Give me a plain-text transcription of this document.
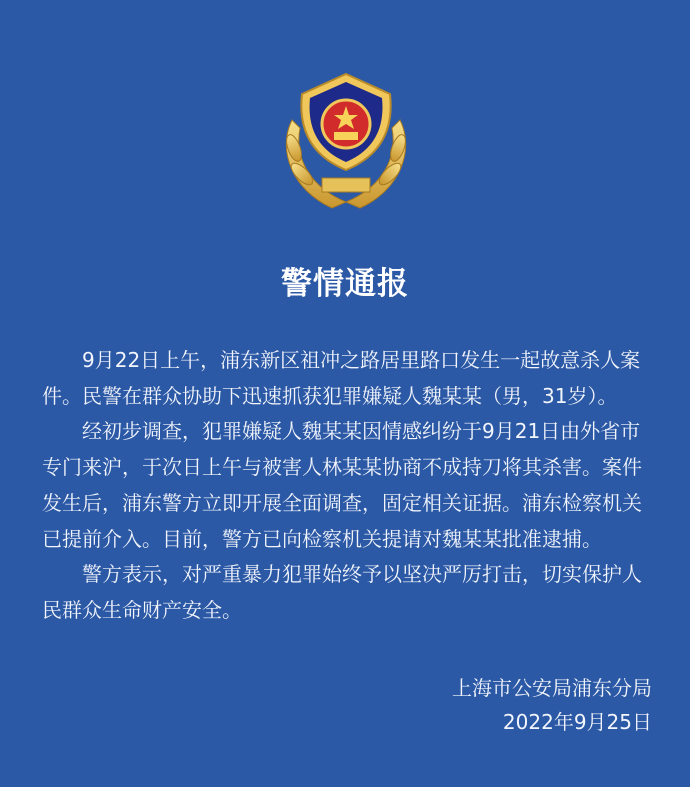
警情通报
9月22日上午，浦东新区祖冲之路居里路口发生一起故意杀人案
件。民警在群众协助下迅速抓获犯罪嫌疑人魏某某（男，31岁）。
经初步调查，犯罪嫌疑人魏某某因情感纠纷于9月21日由外省市
专门来沪，于次日上午与被害人林某某协商不成持刀将其杀害。案件
发生后，浦东警方立即开展全面调查，固定相关证据。浦东检察机关
已提前介入。目前，警方已向检察机关提请对魏某某批准逮捕。
警方表示，对严重暴力犯罪始终予以坚决严厉打击，切实保护人
民群众生命财产安全。
上海市公安局浦东分局
2022年9月25日
